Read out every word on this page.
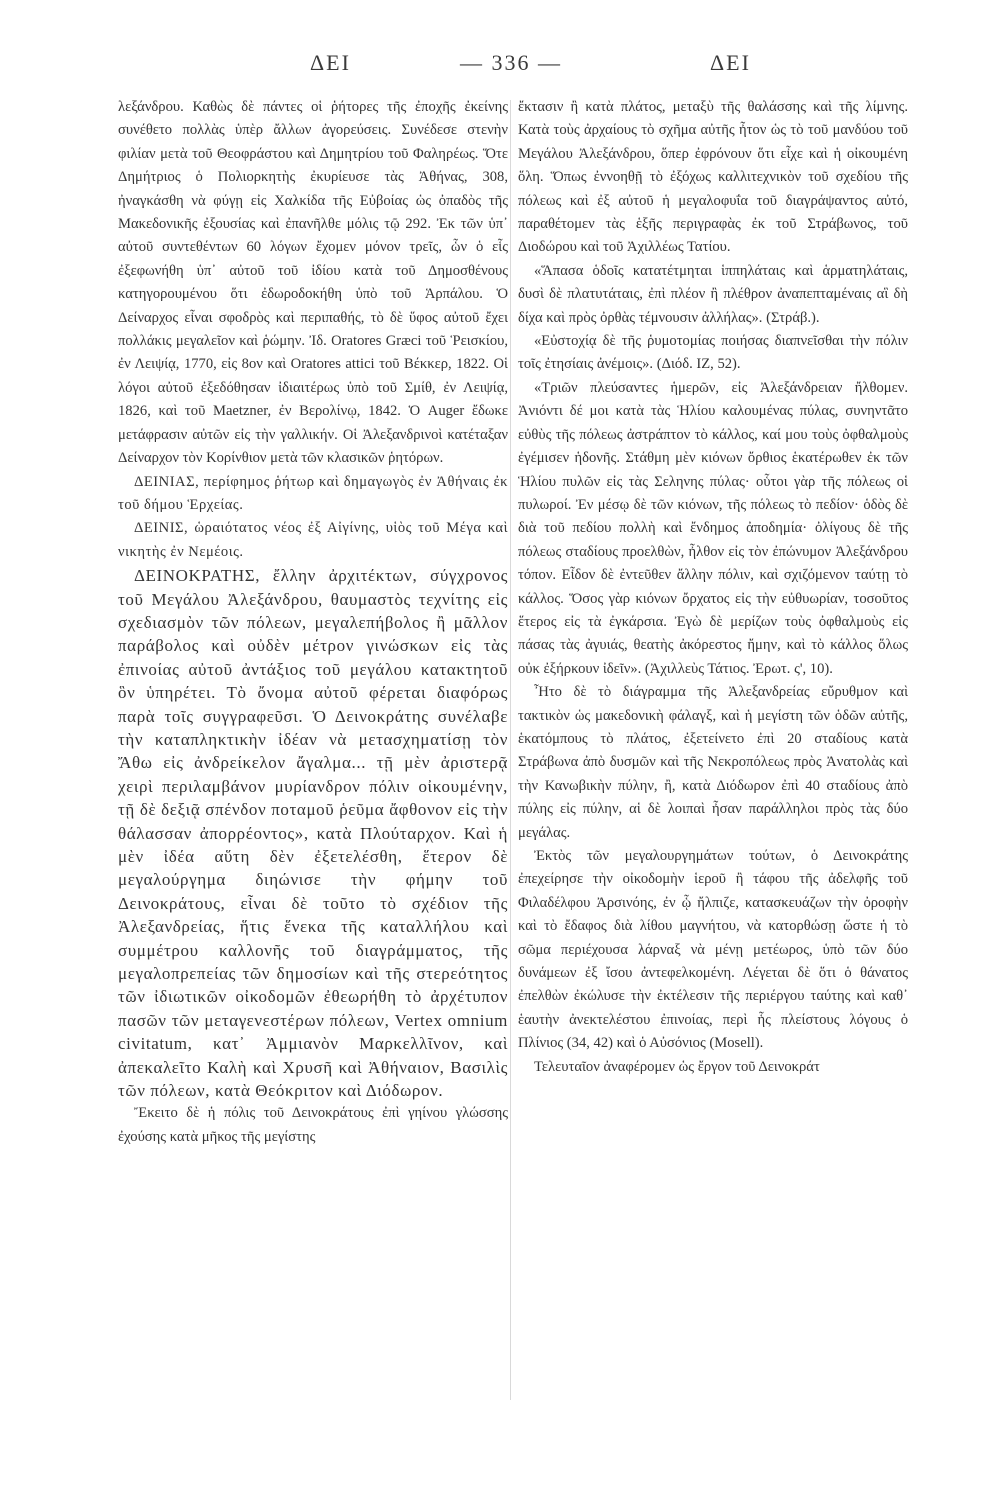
ΔΕΙ	— 336 —	ΔΕΙ

λεξάνδρου. Καθὼς δὲ πάντες οἱ ῥήτορες τῆς ἐποχῆς ἐκείνης συνέθετο πολλὰς ὑπὲρ ἄλλων ἀγορεύσεις. Συνέδεσε στενὴν φιλίαν μετὰ τοῦ Θεοφράστου καὶ Δημητρίου τοῦ Φαληρέως. Ὅτε Δημήτριος ὁ Πολιορκητὴς ἐκυρίευσε τὰς Ἀθήνας, 308, ἠναγκάσθη νὰ φύγῃ εἰς Χαλκίδα τῆς Εὐβοίας ὡς ὀπαδὸς τῆς Μακεδονικῆς ἐξουσίας καὶ ἐπανῆλθε μόλις τῷ 292. Ἐκ τῶν ὑπ᾽ αὐτοῦ συντεθέντων 60 λόγων ἔχομεν μόνον τρεῖς, ὧν ὁ εἷς ἐξεφωνήθη ὑπ᾽ αὐτοῦ τοῦ ἰδίου κατὰ τοῦ Δημοσθένους κατηγορουμένου ὅτι ἐδωροδοκήθη ὑπὸ τοῦ Ἁρπάλου. Ὁ Δείναρχος εἶναι σφοδρὸς καὶ περιπαθής, τὸ δὲ ὕφος αὐτοῦ ἔχει πολλάκις μεγαλεῖον καὶ ῥώμην. Ἰδ. Oratores Græci τοῦ Ῥεισκίου, ἐν Λειψίᾳ, 1770, εἰς 8ον καὶ Oratores attici τοῦ Βέκκερ, 1822. Οἱ λόγοι αὐτοῦ ἐξεδόθησαν ἰδιαιτέρως ὑπὸ τοῦ Σμίθ, ἐν Λειψίᾳ, 1826, καὶ τοῦ Maetzner, ἐν Βερολίνῳ, 1842. Ὁ Auger ἔδωκε μετάφρασιν αὐτῶν εἰς τὴν γαλλικήν. Οἱ Ἀλεξανδρινοὶ κατέταξαν Δείναρχον τὸν Κορίνθιον μετὰ τῶν κλασικῶν ῥητόρων.

ΔΕΙΝΙΑΣ, περίφημος ῥήτωρ καὶ δημαγωγὸς ἐν Ἀθήναις ἐκ τοῦ δήμου Ἑρχείας.

ΔΕΙΝΙΣ, ὡραιότατος νέος ἐξ Αἰγίνης, υἱὸς τοῦ Μέγα καὶ νικητὴς ἐν Νεμέοις.

ΔΕΙΝΟΚΡΑΤΗΣ, ἔλλην ἀρχιτέκτων, σύγχρονος τοῦ Μεγάλου Ἀλεξάνδρου, θαυμαστὸς τεχνίτης εἰς σχεδιασμὸν τῶν πόλεων, μεγαλεπήβολος ἢ μᾶλλον παράβολος καὶ οὐδὲν μέτρον γινώσκων εἰς τὰς ἐπινοίας αὐτοῦ ἀντάξιος τοῦ μεγάλου κατακτητοῦ ὃν ὑπηρέτει. Τὸ ὄνομα αὐτοῦ φέρεται διαφόρως παρὰ τοῖς συγγραφεῦσι. Ὁ Δεινοκράτης συνέλαβε τὴν καταπληκτικὴν ἰδέαν νὰ μετασχηματίσῃ τὸν Ἄθω εἰς ἀνδρείκελον ἄγαλμα... τῇ μὲν ἀριστερᾷ χειρὶ περιλαμβάνον μυρίανδρον πόλιν οἰκουμένην, τῇ δὲ δεξιᾷ σπένδον ποταμοῦ ῥεῦμα ἄφθονον εἰς τὴν θάλασσαν ἀπορρέοντος», κατὰ Πλούταρχον. Καὶ ἡ μὲν ἰδέα αὕτη δὲν ἐξετελέσθη, ἕτερον δὲ μεγαλούργημα διηώνισε τὴν φήμην τοῦ Δεινοκράτους, εἶναι δὲ τοῦτο τὸ σχέδιον τῆς Ἀλεξανδρείας, ἥτις ἕνεκα τῆς καταλλήλου καὶ συμμέτρου καλλονῆς τοῦ διαγράμματος, τῆς μεγαλοπρεπείας τῶν δημοσίων καὶ τῆς στερεότητος τῶν ἰδιωτικῶν οἰκοδομῶν ἐθεωρήθη τὸ ἀρχέτυπον πασῶν τῶν μεταγενεστέρων πόλεων, Vertex omnium civitatum, κατ᾽ Ἀμμιανὸν Μαρκελλῖνον, καὶ ἀπεκαλεῖτο Καλὴ καὶ Χρυσῆ καὶ Ἀθήναιον, Βασιλὶς τῶν πόλεων, κατὰ Θεόκριτον καὶ Διόδωρον.

Ἔκειτο δὲ ἡ πόλις τοῦ Δεινοκράτους ἐπὶ γηίνου γλώσσης ἐχούσης κατὰ μῆκος τῆς μεγίστης

ἔκτασιν ἢ κατὰ πλάτος, μεταξὺ τῆς θαλάσσης καὶ τῆς λίμνης. Κατὰ τοὺς ἀρχαίους τὸ σχῆμα αὐτῆς ἦτον ὡς τὸ τοῦ μανδύου τοῦ Μεγάλου Ἀλεξάνδρου, ὅπερ ἐφρόνουν ὅτι εἶχε καὶ ἡ οἰκουμένη ὅλη. Ὅπως ἐννοηθῇ τὸ ἐξόχως καλλιτεχνικὸν τοῦ σχεδίου τῆς πόλεως καὶ ἐξ αὐτοῦ ἡ μεγαλοφυΐα τοῦ διαγράψαντος αὐτό, παραθέτομεν τὰς ἑξῆς περιγραφὰς ἐκ τοῦ Στράβωνος, τοῦ Διοδώρου καὶ τοῦ Ἀχιλλέως Τατίου.

«Ἅπασα ὁδοῖς κατατέτμηται ἱππηλάταις καὶ ἁρματηλάταις, δυσὶ δὲ πλατυτάταις, ἐπὶ πλέον ἢ πλέθρον ἀναπεπταμέναις αἳ δὴ δίχα καὶ πρὸς ὀρθὰς τέμνουσιν ἀλλήλας». (Στράβ.).

«Εὐστοχίᾳ δὲ τῆς ῥυμοτομίας ποιήσας διαπνεῖσθαι τὴν πόλιν τοῖς ἐτησίαις ἀνέμοις». (Διόδ. ΙΖ, 52).

«Τριῶν πλεύσαντες ἡμερῶν, εἰς Ἀλεξάνδρειαν ἤλθομεν. Ἀνιόντι δέ μοι κατὰ τὰς Ἡλίου καλουμένας πύλας, συνηντᾶτο εὐθὺς τῆς πόλεως ἀστράπτον τὸ κάλλος, καί μου τοὺς ὀφθαλμοὺς ἐγέμισεν ἡδονῆς. Στάθμη μὲν κιόνων ὄρθιος ἑκατέρωθεν ἐκ τῶν Ἡλίου πυλῶν εἰς τὰς Σεληνης πύλας· οὗτοι γὰρ τῆς πόλεως οἱ πυλωροί. Ἐν μέσῳ δὲ τῶν κιόνων, τῆς πόλεως τὸ πεδίον· ὁδὸς δὲ διὰ τοῦ πεδίου πολλὴ καὶ ἔνδημος ἀποδημία· ὀλίγους δὲ τῆς πόλεως σταδίους προελθὼν, ἦλθον εἰς τὸν ἐπώνυμον Ἀλεξάνδρου τόπον. Εἶδον δὲ ἐντεῦθεν ἄλλην πόλιν, καὶ σχιζόμενον ταύτῃ τὸ κάλλος. Ὅσος γὰρ κιόνων ὄρχατος εἰς τὴν εὐθυωρίαν, τοσοῦτος ἕτερος εἰς τὰ ἐγκάρσια. Ἐγὼ δὲ μερίζων τοὺς ὀφθαλμοὺς εἰς πάσας τὰς ἀγυιάς, θεατὴς ἀκόρεστος ἤμην, καὶ τὸ κάλλος ὅλως οὐκ ἐξήρκουν ἰδεῖν». (Ἀχιλλεὺς Τάτιος. Ἐρωτ. ς', 10).

Ἦτο δὲ τὸ διάγραμμα τῆς Ἀλεξανδρείας εὔρυθμον καὶ τακτικὸν ὡς μακεδονικὴ φάλαγξ, καὶ ἡ μεγίστη τῶν ὁδῶν αὐτῆς, ἑκατόμπους τὸ πλάτος, ἐξετείνετο ἐπὶ 20 σταδίους κατὰ Στράβωνα ἀπὸ δυσμῶν καὶ τῆς Νεκροπόλεως πρὸς Ἀνατολὰς καὶ τὴν Κανωβικὴν πύλην, ἢ, κατὰ Διόδωρον ἐπὶ 40 σταδίους ἀπὸ πύλης εἰς πύλην, αἱ δὲ λοιπαὶ ἦσαν παράλληλοι πρὸς τὰς δύο μεγάλας.

Ἐκτὸς τῶν μεγαλουργημάτων τούτων, ὁ Δεινοκράτης ἐπεχείρησε τὴν οἰκοδομὴν ἱεροῦ ἢ τάφου τῆς ἀδελφῆς τοῦ Φιλαδέλφου Ἀρσινόης, ἐν ᾧ ἤλπιζε, κατασκευάζων τὴν ὀροφὴν καὶ τὸ ἔδαφος διὰ λίθου μαγνήτου, νὰ κατορθώσῃ ὥστε ἡ τὸ σῶμα περιέχουσα λάρναξ νὰ μένῃ μετέωρος, ὑπὸ τῶν δύο δυνάμεων ἐξ ἴσου ἀντεφελκομένη. Λέγεται δὲ ὅτι ὁ θάνατος ἐπελθὼν ἐκώλυσε τὴν ἐκτέλεσιν τῆς περιέργου ταύτης καὶ καθ᾽ ἑαυτὴν ἀνεκτελέστου ἐπινοίας, περὶ ἧς πλείστους λόγους ὁ Πλίνιος (34, 42) καὶ ὁ Αὐσόνιος (Mosell).

Τελευταῖον ἀναφέρομεν ὡς ἔργον τοῦ Δεινοκράτ
